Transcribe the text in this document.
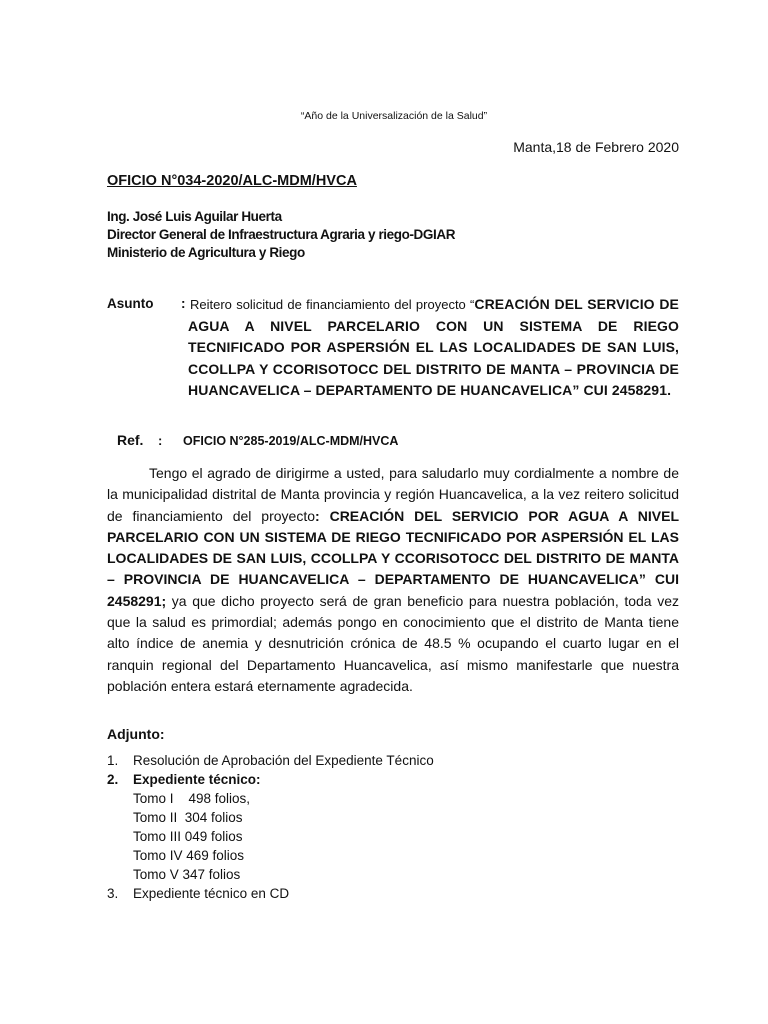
“Año de la Universalización de la Salud”
Manta,18 de Febrero 2020
OFICIO N°034-2020/ALC-MDM/HVCA
Ing. José Luis Aguilar Huerta
Director General de Infraestructura Agraria y riego-DGIAR
Ministerio de Agricultura y Riego
Asunto : Reitero solicitud de financiamiento del proyecto “CREACIÓN DEL SERVICIO DE AGUA A NIVEL PARCELARIO CON UN SISTEMA DE RIEGO TECNIFICADO POR ASPERSIÓN EL LAS LOCALIDADES DE SAN LUIS, CCOLLPA Y CCORISOTOCC DEL DISTRITO DE MANTA – PROVINCIA DE HUANCAVELICA – DEPARTAMENTO DE HUANCAVELICA” CUI 2458291.
Ref. : OFICIO N°285-2019/ALC-MDM/HVCA
Tengo el agrado de dirigirme a usted, para saludarlo muy cordialmente a nombre de la municipalidad distrital de Manta provincia y región Huancavelica, a la vez reitero solicitud de financiamiento del proyecto: CREACIÓN DEL SERVICIO POR AGUA A NIVEL PARCELARIO CON UN SISTEMA DE RIEGO TECNIFICADO POR ASPERSIÓN EL LAS LOCALIDADES DE SAN LUIS, CCOLLPA Y CCORISOTOCC DEL DISTRITO DE MANTA – PROVINCIA DE HUANCAVELICA – DEPARTAMENTO DE HUANCAVELICA” CUI 2458291; ya que dicho proyecto será de gran beneficio para nuestra población, toda vez que la salud es primordial; además pongo en conocimiento que el distrito de Manta tiene alto índice de anemia y desnutrición crónica de 48.5 % ocupando el cuarto lugar en el ranquin regional del Departamento Huancavelica, así mismo manifestarle que nuestra población entera estará eternamente agradecida.
Adjunto:
1. Resolución de Aprobación del Expediente Técnico
2. Expediente técnico:
Tomo I    498 folios,
Tomo II  304 folios
Tomo III 049 folios
Tomo IV 469 folios
Tomo V 347 folios
3. Expediente técnico en CD
